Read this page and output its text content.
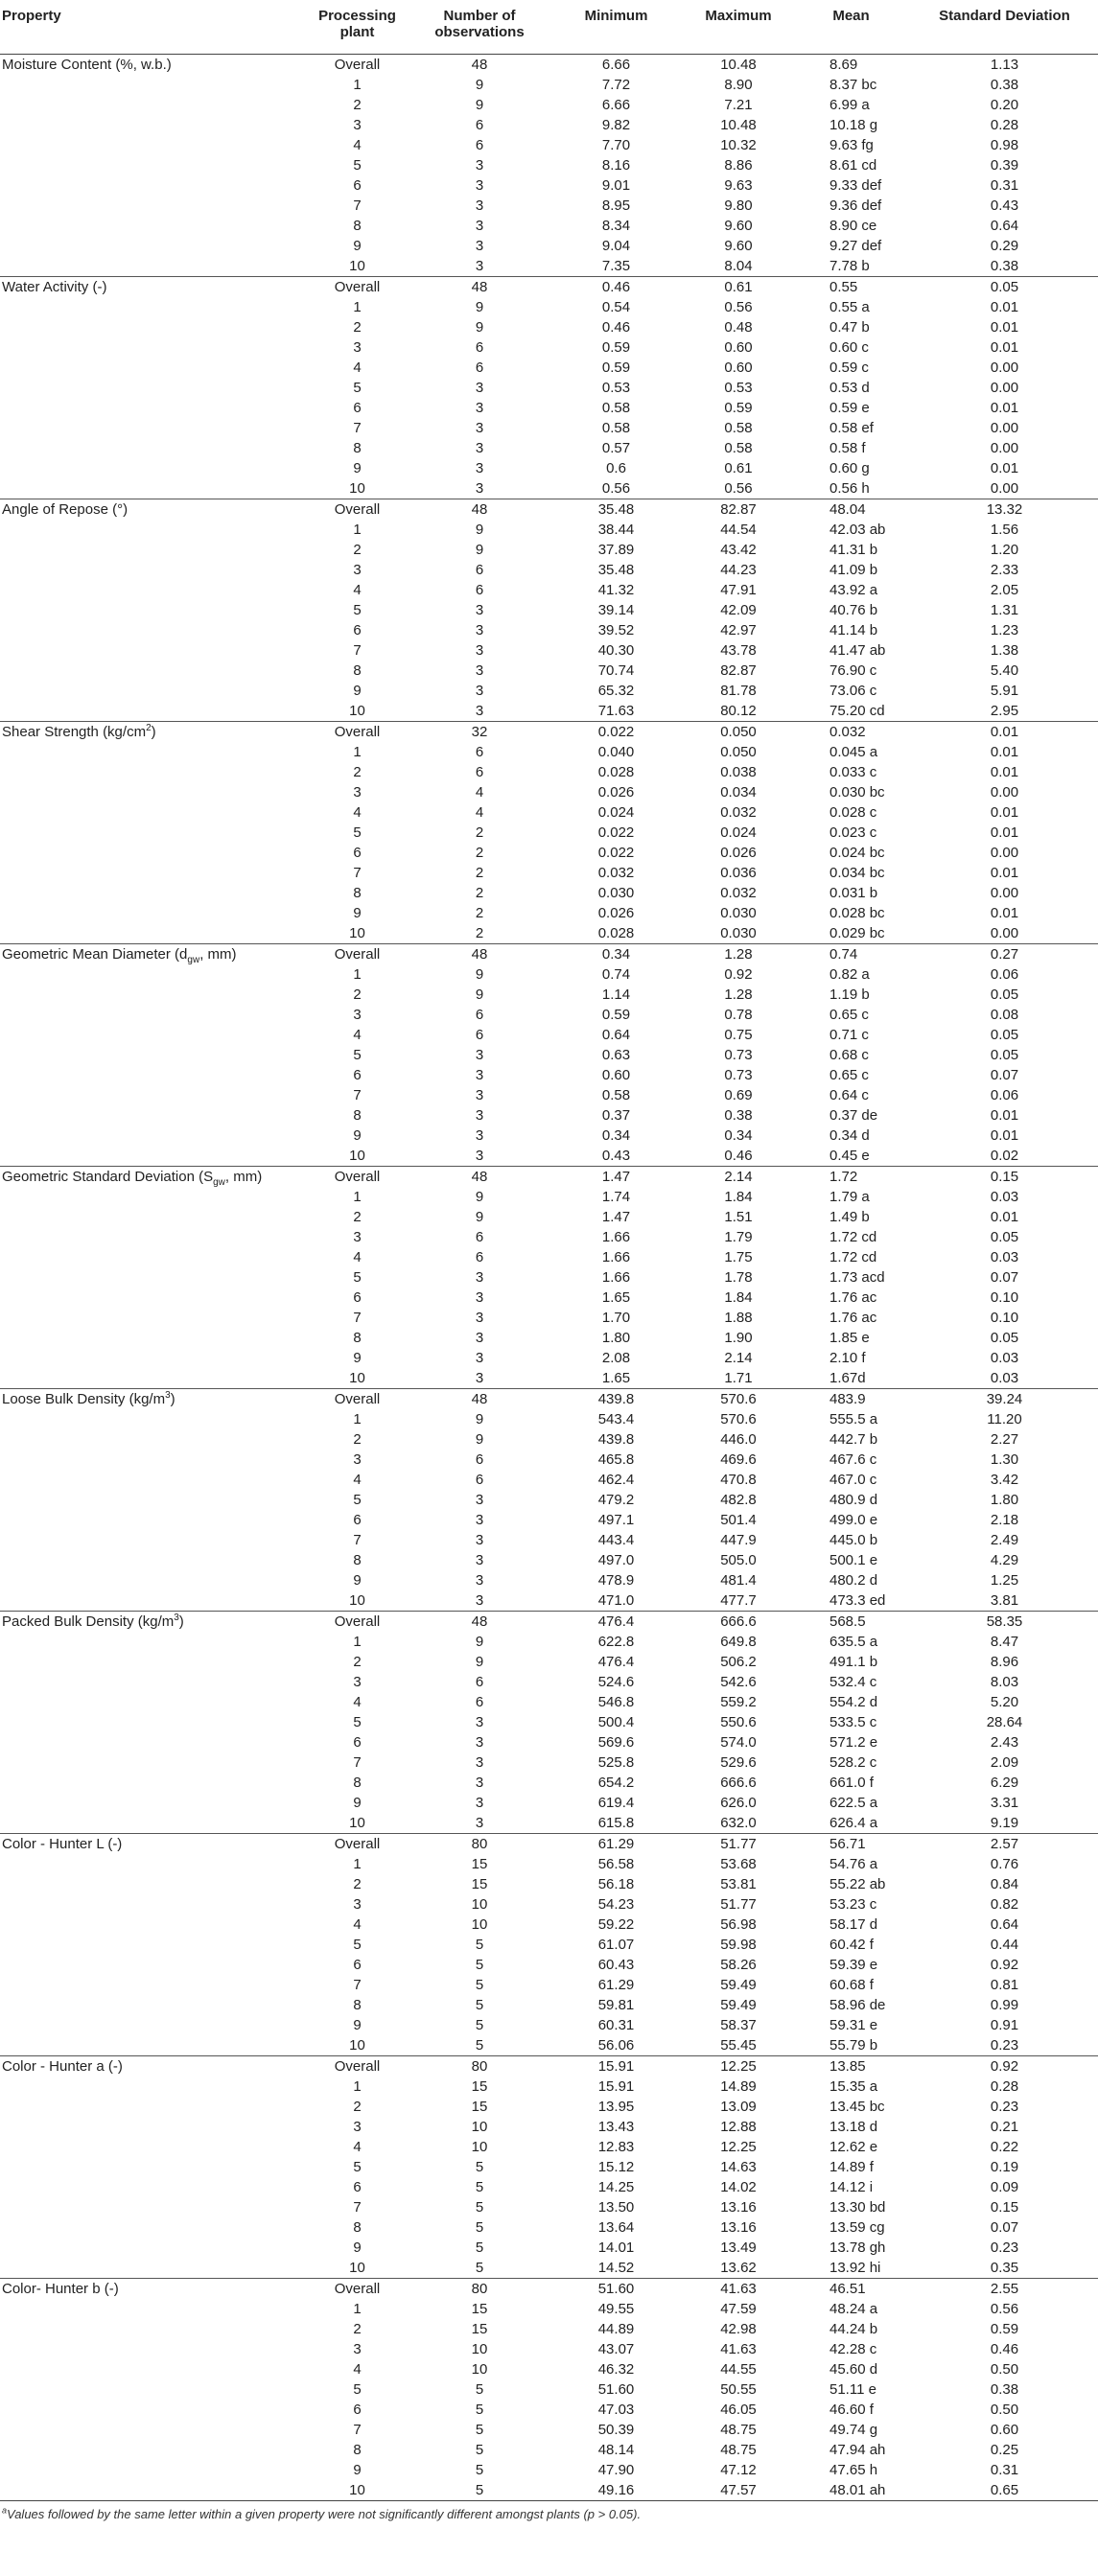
Property	Processing plant	Number of observations	Minimum	Maximum	Mean	Standard Deviation
Moisture Content (%, w.b.)	Overall	48	6.66	10.48	8.69	1.13
	1	9	7.72	8.90	8.37 bc	0.38
	2	9	6.66	7.21	6.99 a	0.20
	3	6	9.82	10.48	10.18 g	0.28
	4	6	7.70	10.32	9.63 fg	0.98
	5	3	8.16	8.86	8.61 cd	0.39
	6	3	9.01	9.63	9.33 def	0.31
	7	3	8.95	9.80	9.36 def	0.43
	8	3	8.34	9.60	8.90 ce	0.64
	9	3	9.04	9.60	9.27 def	0.29
	10	3	7.35	8.04	7.78 b	0.38
Water Activity (-)	Overall	48	0.46	0.61	0.55	0.05
	1	9	0.54	0.56	0.55 a	0.01
	2	9	0.46	0.48	0.47 b	0.01
	3	6	0.59	0.60	0.60 c	0.01
	4	6	0.59	0.60	0.59 c	0.00
	5	3	0.53	0.53	0.53 d	0.00
	6	3	0.58	0.59	0.59 e	0.01
	7	3	0.58	0.58	0.58 ef	0.00
	8	3	0.57	0.58	0.58 f	0.00
	9	3	0.6	0.61	0.60 g	0.01
	10	3	0.56	0.56	0.56 h	0.00
Angle of Repose (°)	Overall	48	35.48	82.87	48.04	13.32
	1	9	38.44	44.54	42.03 ab	1.56
	2	9	37.89	43.42	41.31 b	1.20
	3	6	35.48	44.23	41.09 b	2.33
	4	6	41.32	47.91	43.92 a	2.05
	5	3	39.14	42.09	40.76 b	1.31
	6	3	39.52	42.97	41.14 b	1.23
	7	3	40.30	43.78	41.47 ab	1.38
	8	3	70.74	82.87	76.90 c	5.40
	9	3	65.32	81.78	73.06 c	5.91
	10	3	71.63	80.12	75.20 cd	2.95
Shear Strength $(kg/cm^2)$	Overall	32	0.022	0.050	0.032	0.01
	1	6	0.040	0.050	0.045 a	0.01
	2	6	0.028	0.038	0.033 c	0.01
	3	4	0.026	0.034	0.030 bc	0.00
	4	4	0.024	0.032	0.028 c	0.01
	5	2	0.022	0.024	0.023 c	0.01
	6	2	0.022	0.026	0.024 bc	0.00
	7	2	0.032	0.036	0.034 bc	0.01
	8	2	0.030	0.032	0.031 b	0.00
	9	2	0.026	0.030	0.028 bc	0.01
	10	2	0.028	0.030	0.029 bc	0.00
Geometric Mean Diameter ($d_{gw}$, mm)	Overall	48	0.34	1.28	0.74	0.27
	1	9	0.74	0.92	0.82 a	0.06
	2	9	1.14	1.28	1.19 b	0.05
	3	6	0.59	0.78	0.65 c	0.08
	4	6	0.64	0.75	0.71 c	0.05
	5	3	0.63	0.73	0.68 c	0.05
	6	3	0.60	0.73	0.65 c	0.07
	7	3	0.58	0.69	0.64 c	0.06
	8	3	0.37	0.38	0.37 de	0.01
	9	3	0.34	0.34	0.34 d	0.01
	10	3	0.43	0.46	0.45 e	0.02
Geometric Standard Deviation ($S_{gw}$, mm)	Overall	48	1.47	2.14	1.72	0.15
	1	9	1.74	1.84	1.79 a	0.03
	2	9	1.47	1.51	1.49 b	0.01
	3	6	1.66	1.79	1.72 cd	0.05
	4	6	1.66	1.75	1.72 cd	0.03
	5	3	1.66	1.78	1.73 acd	0.07
	6	3	1.65	1.84	1.76 ac	0.10
	7	3	1.70	1.88	1.76 ac	0.10
	8	3	1.80	1.90	1.85 e	0.05
	9	3	2.08	2.14	2.10 f	0.03
	10	3	1.65	1.71	1.67d	0.03
Loose Bulk Density $(kg/m^3)$	Overall	48	439.8	570.6	483.9	39.24
	1	9	543.4	570.6	555.5 a	11.20
	2	9	439.8	446.0	442.7 b	2.27
	3	6	465.8	469.6	467.6 c	1.30
	4	6	462.4	470.8	467.0 c	3.42
	5	3	479.2	482.8	480.9 d	1.80
	6	3	497.1	501.4	499.0 e	2.18
	7	3	443.4	447.9	445.0 b	2.49
	8	3	497.0	505.0	500.1 e	4.29
	9	3	478.9	481.4	480.2 d	1.25
	10	3	471.0	477.7	473.3 ed	3.81
Packed Bulk Density $(kg/m^3)$	Overall	48	476.4	666.6	568.5	58.35
	1	9	622.8	649.8	635.5 a	8.47
	2	9	476.4	506.2	491.1 b	8.96
	3	6	524.6	542.6	532.4 c	8.03
	4	6	546.8	559.2	554.2 d	5.20
	5	3	500.4	550.6	533.5 c	28.64
	6	3	569.6	574.0	571.2 e	2.43
	7	3	525.8	529.6	528.2 c	2.09
	8	3	654.2	666.6	661.0 f	6.29
	9	3	619.4	626.0	622.5 a	3.31
	10	3	615.8	632.0	626.4 a	9.19
Color - Hunter L (-)	Overall	80	61.29	51.77	56.71	2.57
	1	15	56.58	53.68	54.76 a	0.76
	2	15	56.18	53.81	55.22 ab	0.84
	3	10	54.23	51.77	53.23 c	0.82
	4	10	59.22	56.98	58.17 d	0.64
	5	5	61.07	59.98	60.42 f	0.44
	6	5	60.43	58.26	59.39 e	0.92
	7	5	61.29	59.49	60.68 f	0.81
	8	5	59.81	59.49	58.96 de	0.99
	9	5	60.31	58.37	59.31 e	0.91
	10	5	56.06	55.45	55.79 b	0.23
Color - Hunter a (-)	Overall	80	15.91	12.25	13.85	0.92
	1	15	15.91	14.89	15.35 a	0.28
	2	15	13.95	13.09	13.45 bc	0.23
	3	10	13.43	12.88	13.18 d	0.21
	4	10	12.83	12.25	12.62 e	0.22
	5	5	15.12	14.63	14.89 f	0.19
	6	5	14.25	14.02	14.12 i	0.09
	7	5	13.50	13.16	13.30 bd	0.15
	8	5	13.64	13.16	13.59 cg	0.07
	9	5	14.01	13.49	13.78 gh	0.23
	10	5	14.52	13.62	13.92 hi	0.35
Color- Hunter b (-)	Overall	80	51.60	41.63	46.51	2.55
	1	15	49.55	47.59	48.24 a	0.56
	2	15	44.89	42.98	44.24 b	0.59
	3	10	43.07	41.63	42.28 c	0.46
	4	10	46.32	44.55	45.60 d	0.50
	5	5	51.60	50.55	51.11 e	0.38
	6	5	47.03	46.05	46.60 f	0.50
	7	5	50.39	48.75	49.74 g	0.60
	8	5	48.14	48.75	47.94 ah	0.25
	9	5	47.90	47.12	47.65 h	0.31
	10	5	49.16	47.57	48.01 ah	0.65
$^a$Values followed by the same letter within a given property were not significantly different amongst plants (p > 0.05).
